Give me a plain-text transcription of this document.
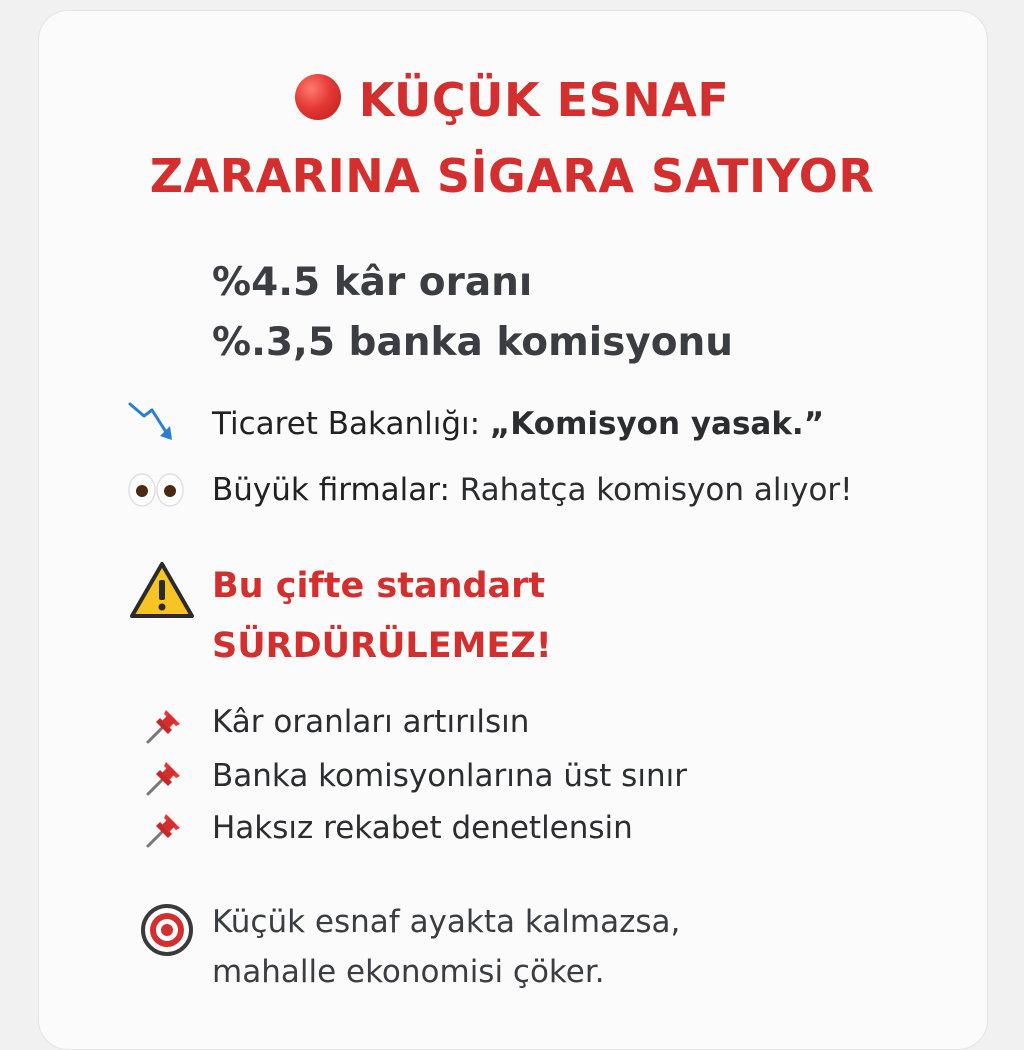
KÜÇÜK ESNAF
ZARARINA SİGARA SATIYOR
%4.5 kâr oranı
%.3,5 banka komisyonu
Ticaret Bakanlığı: „Komisyon yasak.”
Büyük firmalar: Rahatça komisyon alıyor!
Bu çifte standart
SÜRDÜRÜLEMEZ!
Kâr oranları artırılsın
Banka komisyonlarına üst sınır
Haksız rekabet denetlensin
Küçük esnaf ayakta kalmazsa,
mahalle ekonomisi çöker.
